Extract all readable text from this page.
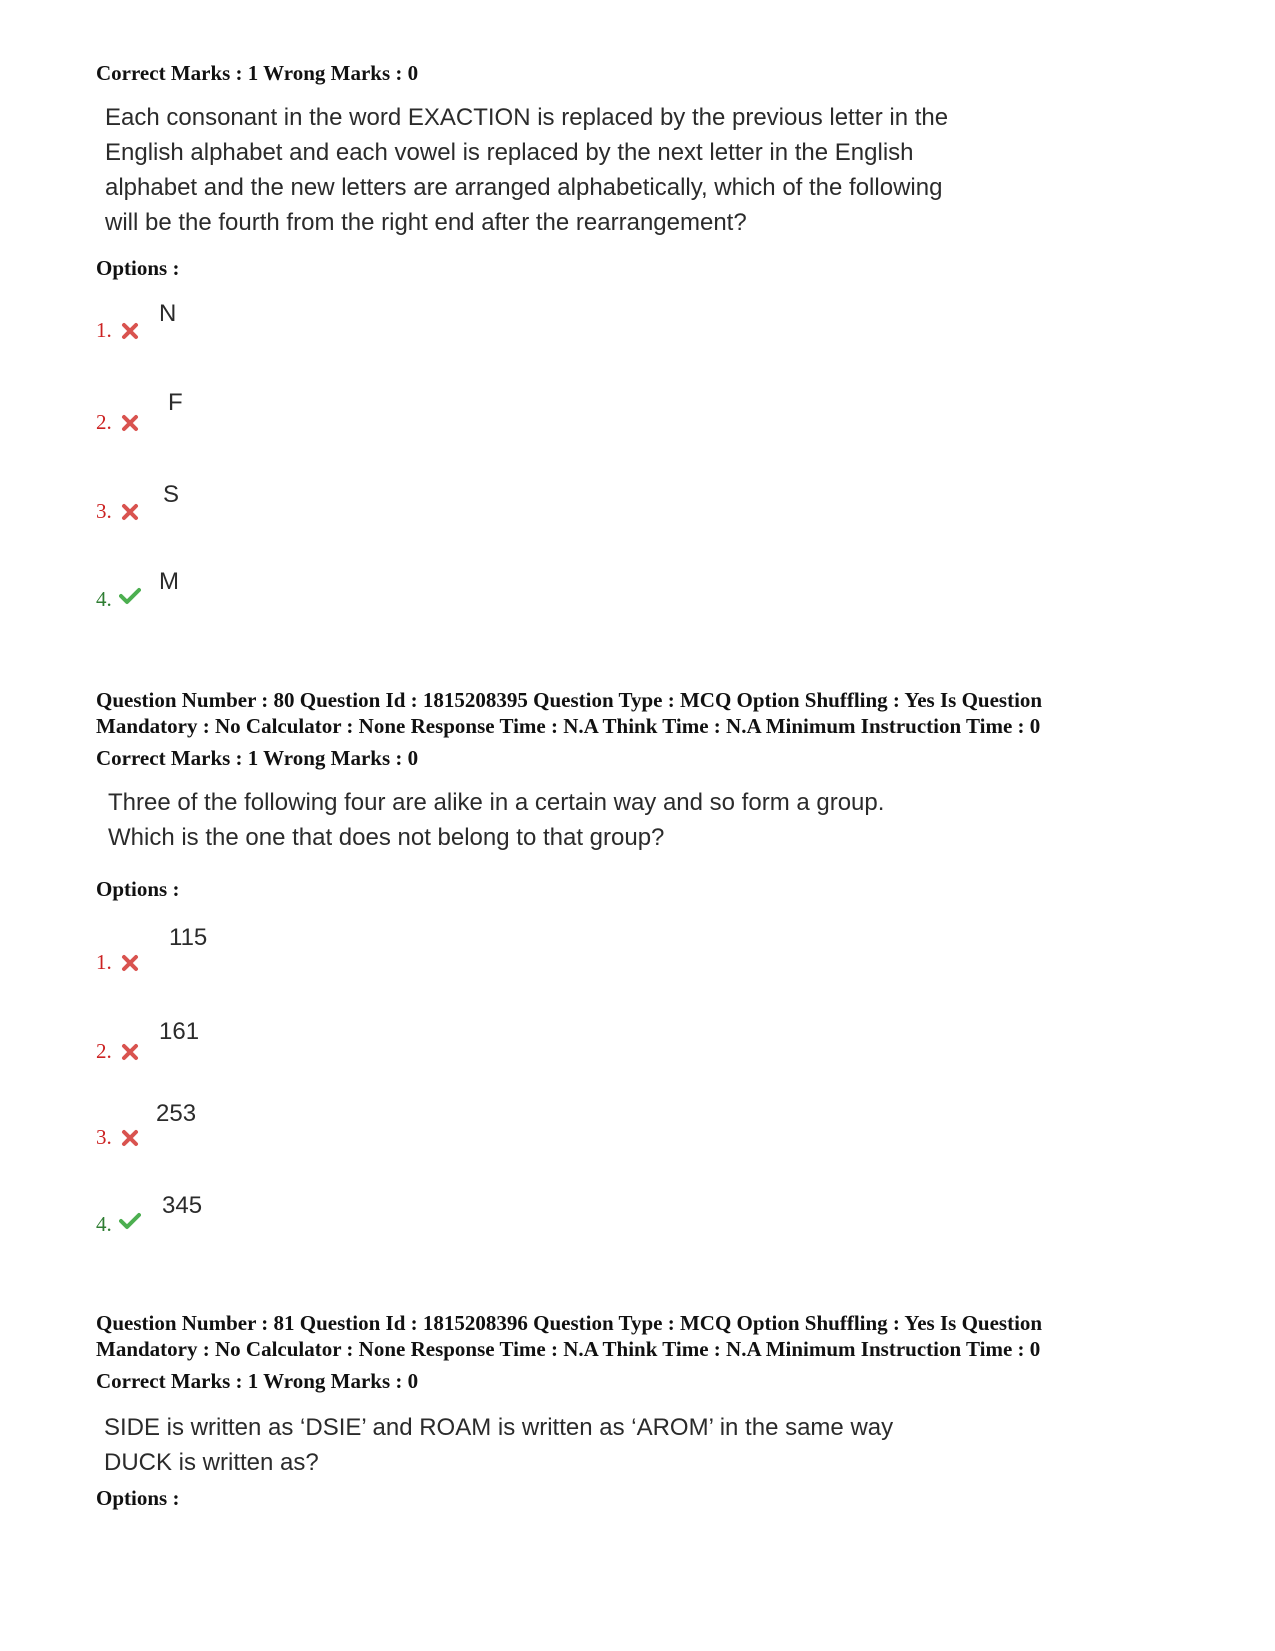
Correct Marks : 1 Wrong Marks : 0
Each consonant in the word EXACTION is replaced by the previous letter in the
English alphabet and each vowel is replaced by the next letter in the English
alphabet and the new letters are arranged alphabetically, which of the following
will be the fourth from the right end after the rearrangement?
Options :
1.
N
2.
F
3.
S
4.
M
Question Number : 80 Question Id : 1815208395 Question Type : MCQ Option Shuffling : Yes Is Question
Mandatory : No Calculator : None Response Time : N.A Think Time : N.A Minimum Instruction Time : 0
Correct Marks : 1 Wrong Marks : 0
Three of the following four are alike in a certain way and so form a group.
Which is the one that does not belong to that group?
Options :
1.
115
2.
161
3.
253
4.
345
Question Number : 81 Question Id : 1815208396 Question Type : MCQ Option Shuffling : Yes Is Question
Mandatory : No Calculator : None Response Time : N.A Think Time : N.A Minimum Instruction Time : 0
Correct Marks : 1 Wrong Marks : 0
SIDE is written as ‘DSIE’ and ROAM is written as ‘AROM’ in the same way
DUCK is written as?
Options :
